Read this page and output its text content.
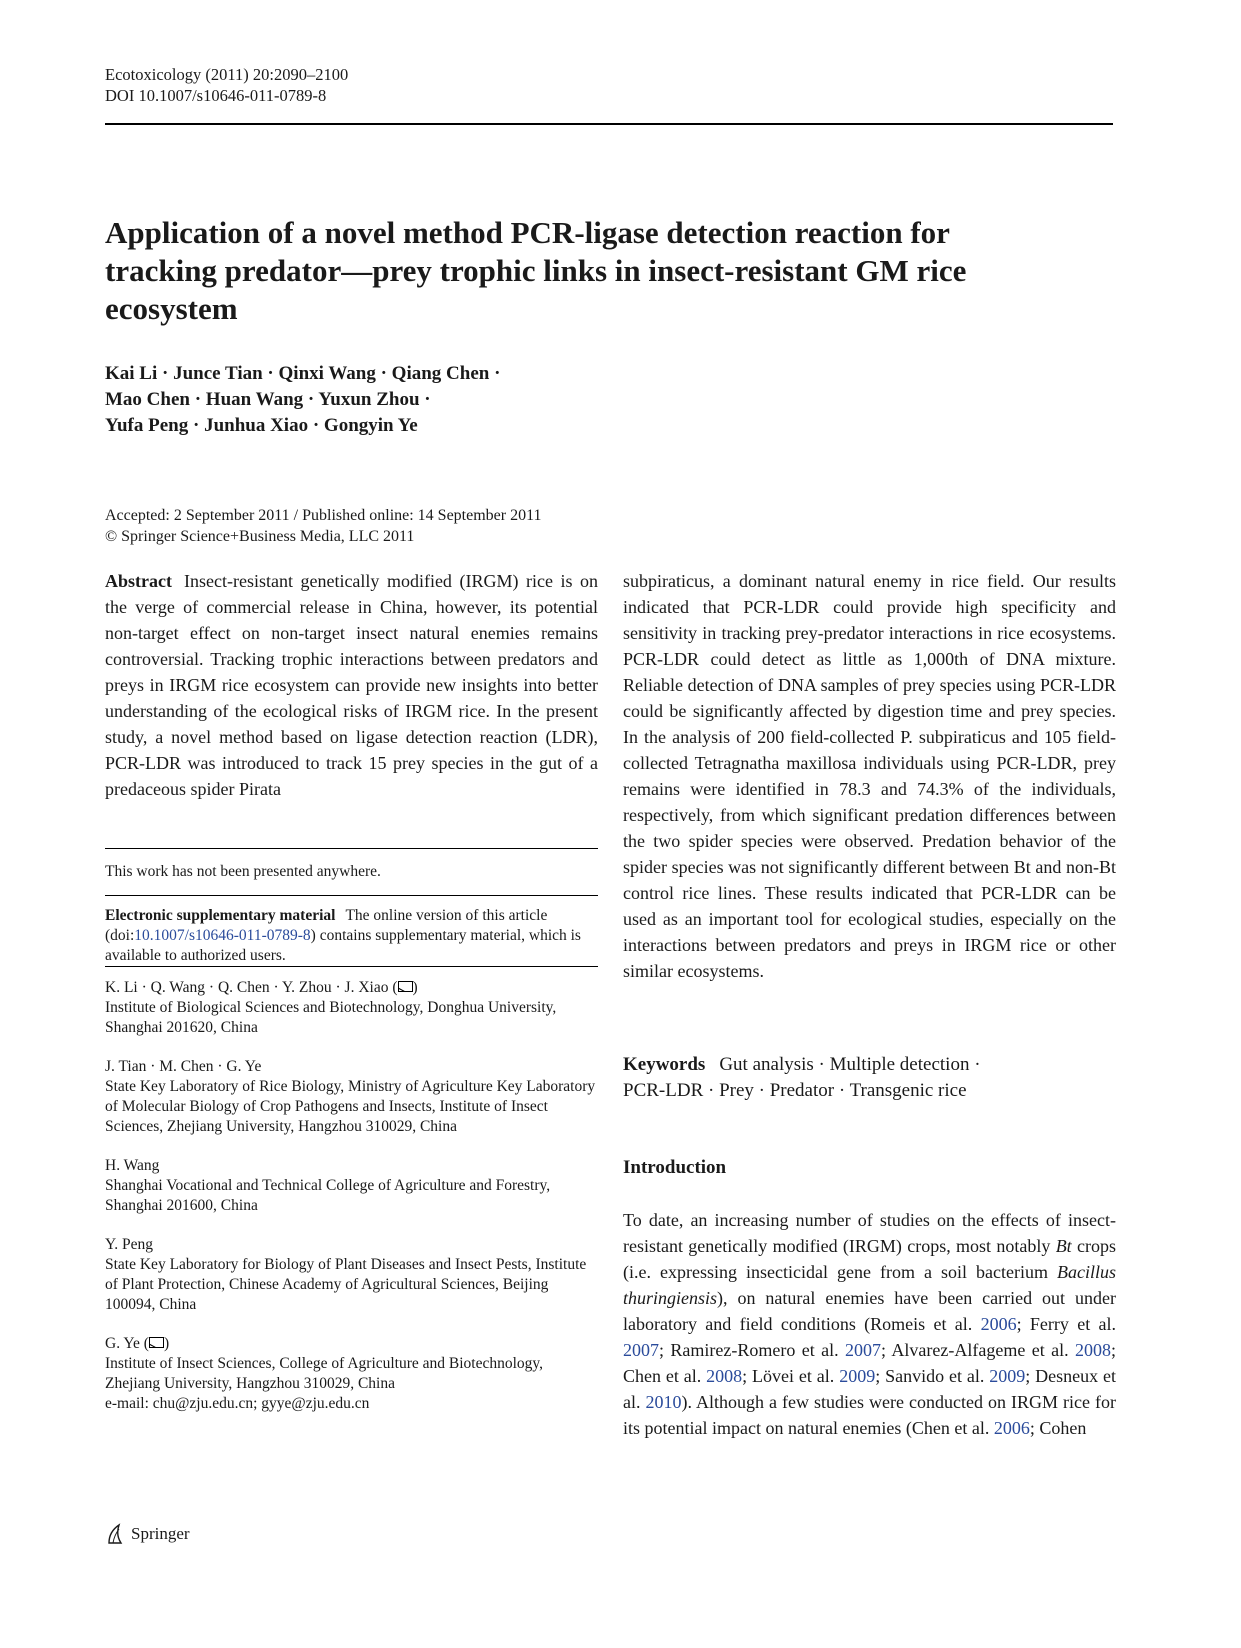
Ecotoxicology (2011) 20:2090–2100
DOI 10.1007/s10646-011-0789-8
Application of a novel method PCR-ligase detection reaction for tracking predator—prey trophic links in insect-resistant GM rice ecosystem
Kai Li · Junce Tian · Qinxi Wang · Qiang Chen ·
Mao Chen · Huan Wang · Yuxun Zhou ·
Yufa Peng · Junhua Xiao · Gongyin Ye
Accepted: 2 September 2011 / Published online: 14 September 2011
© Springer Science+Business Media, LLC 2011
Abstract Insect-resistant genetically modified (IRGM) rice is on the verge of commercial release in China, however, its potential non-target effect on non-target insect natural enemies remains controversial. Tracking trophic interactions between predators and preys in IRGM rice ecosystem can provide new insights into better understanding of the ecological risks of IRGM rice. In the present study, a novel method based on ligase detection reaction (LDR), PCR-LDR was introduced to track 15 prey species in the gut of a predaceous spider Pirata
This work has not been presented anywhere.
Electronic supplementary material The online version of this article (doi:10.1007/s10646-011-0789-8) contains supplementary material, which is available to authorized users.
K. Li · Q. Wang · Q. Chen · Y. Zhou · J. Xiao ( )
Institute of Biological Sciences and Biotechnology, Donghua University, Shanghai 201620, China
J. Tian · M. Chen · G. Ye
State Key Laboratory of Rice Biology, Ministry of Agriculture Key Laboratory of Molecular Biology of Crop Pathogens and Insects, Institute of Insect Sciences, Zhejiang University, Hangzhou 310029, China
H. Wang
Shanghai Vocational and Technical College of Agriculture and Forestry, Shanghai 201600, China
Y. Peng
State Key Laboratory for Biology of Plant Diseases and Insect Pests, Institute of Plant Protection, Chinese Academy of Agricultural Sciences, Beijing 100094, China
G. Ye ( )
Institute of Insect Sciences, College of Agriculture and Biotechnology, Zhejiang University, Hangzhou 310029, China
e-mail: chu@zju.edu.cn; gyye@zju.edu.cn
subpiraticus, a dominant natural enemy in rice field. Our results indicated that PCR-LDR could provide high specificity and sensitivity in tracking prey-predator interactions in rice ecosystems. PCR-LDR could detect as little as 1,000th of DNA mixture. Reliable detection of DNA samples of prey species using PCR-LDR could be significantly affected by digestion time and prey species. In the analysis of 200 field-collected P. subpiraticus and 105 field-collected Tetragnatha maxillosa individuals using PCR-LDR, prey remains were identified in 78.3 and 74.3% of the individuals, respectively, from which significant predation differences between the two spider species were observed. Predation behavior of the spider species was not significantly different between Bt and non-Bt control rice lines. These results indicated that PCR-LDR can be used as an important tool for ecological studies, especially on the interactions between predators and preys in IRGM rice or other similar ecosystems.
Keywords Gut analysis · Multiple detection ·
PCR-LDR · Prey · Predator · Transgenic rice
Introduction
To date, an increasing number of studies on the effects of insect-resistant genetically modified (IRGM) crops, most notably Bt crops (i.e. expressing insecticidal gene from a soil bacterium Bacillus thuringiensis), on natural enemies have been carried out under laboratory and field conditions (Romeis et al. 2006; Ferry et al. 2007; Ramirez-Romero et al. 2007; Alvarez-Alfageme et al. 2008; Chen et al. 2008; Lövei et al. 2009; Sanvido et al. 2009; Desneux et al. 2010). Although a few studies were conducted on IRGM rice for its potential impact on natural enemies (Chen et al. 2006; Cohen
Springer
